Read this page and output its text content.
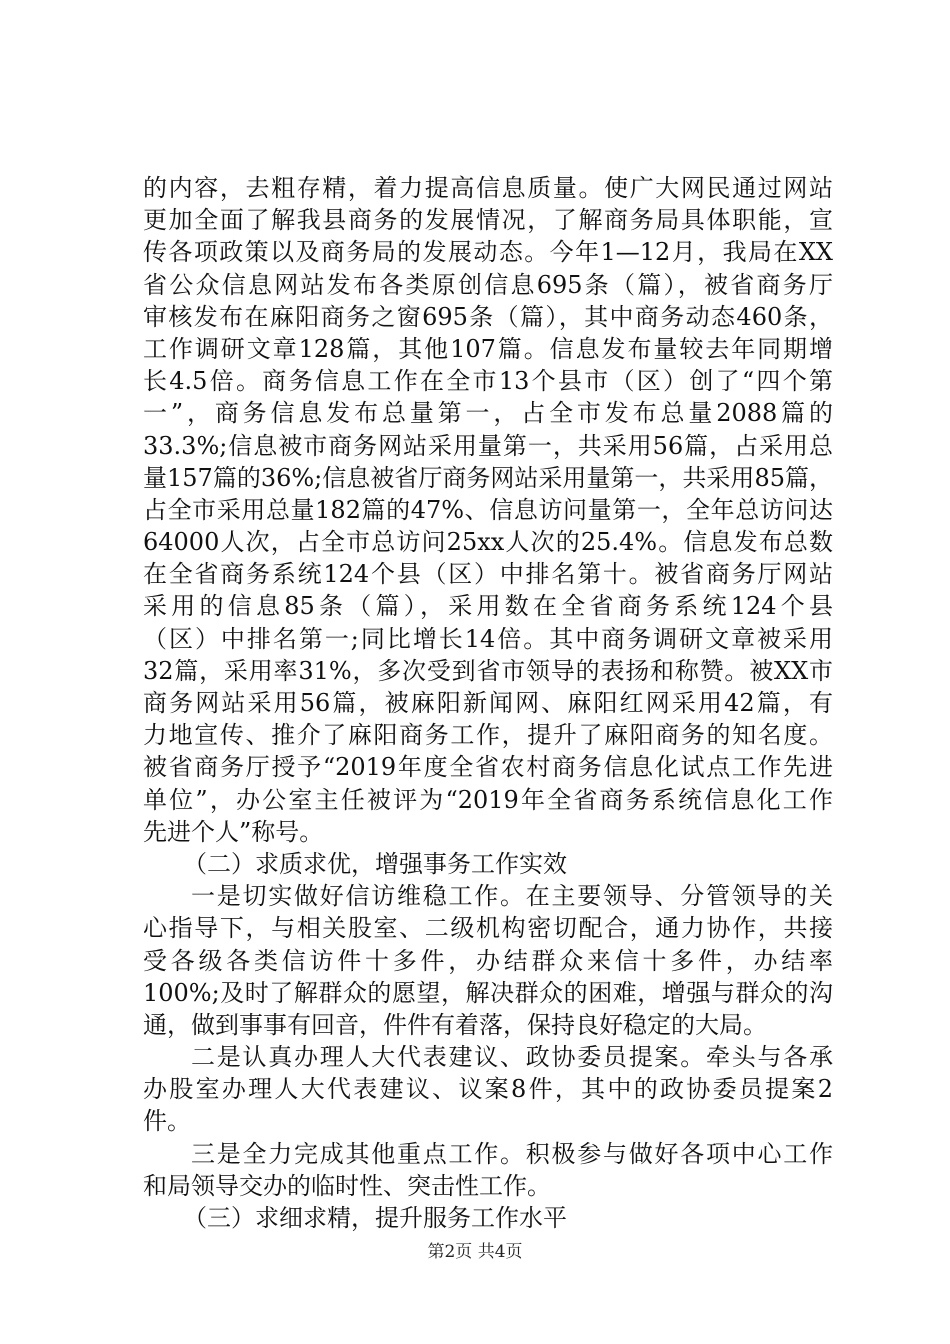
的内容，去粗存精，着力提高信息质量。使广大网民通过网站
更加全面了解我县商务的发展情况，了解商务局具体职能，宣
传各项政策以及商务局的发展动态。今年1—12月，我局在XX
省公众信息网站发布各类原创信息695条（篇），被省商务厅
审核发布在麻阳商务之窗695条（篇），其中商务动态460条，
工作调研文章128篇，其他107篇。信息发布量较去年同期增
长4.5倍。商务信息工作在全市13个县市（区）创了“四个第
一”，商务信息发布总量第一，占全市发布总量2088篇的
33.3%;信息被市商务网站采用量第一，共采用56篇，占采用总
量157篇的36%;信息被省厅商务网站采用量第一，共采用85篇，
占全市采用总量182篇的47%、信息访问量第一，全年总访问达
64000人次，占全市总访问25xx人次的25.4%。信息发布总数
在全省商务系统124个县（区）中排名第十。被省商务厅网站
采用的信息85条（篇），采用数在全省商务系统124个县
（区）中排名第一;同比增长14倍。其中商务调研文章被采用
32篇，采用率31%，多次受到省市领导的表扬和称赞。被XX市
商务网站采用56篇，被麻阳新闻网、麻阳红网采用42篇，有
力地宣传、推介了麻阳商务工作，提升了麻阳商务的知名度。
被省商务厅授予“2019年度全省农村商务信息化试点工作先进
单位”，办公室主任被评为“2019年全省商务系统信息化工作
先进个人”称号。
（二）求质求优，增强事务工作实效
一是切实做好信访维稳工作。在主要领导、分管领导的关
心指导下，与相关股室、二级机构密切配合，通力协作，共接
受各级各类信访件十多件，办结群众来信十多件，办结率
100%;及时了解群众的愿望，解决群众的困难，增强与群众的沟
通，做到事事有回音，件件有着落，保持良好稳定的大局。
二是认真办理人大代表建议、政协委员提案。牵头与各承
办股室办理人大代表建议、议案8件，其中的政协委员提案2
件。
三是全力完成其他重点工作。积极参与做好各项中心工作
和局领导交办的临时性、突击性工作。
（三）求细求精，提升服务工作水平
第2页 共4页
